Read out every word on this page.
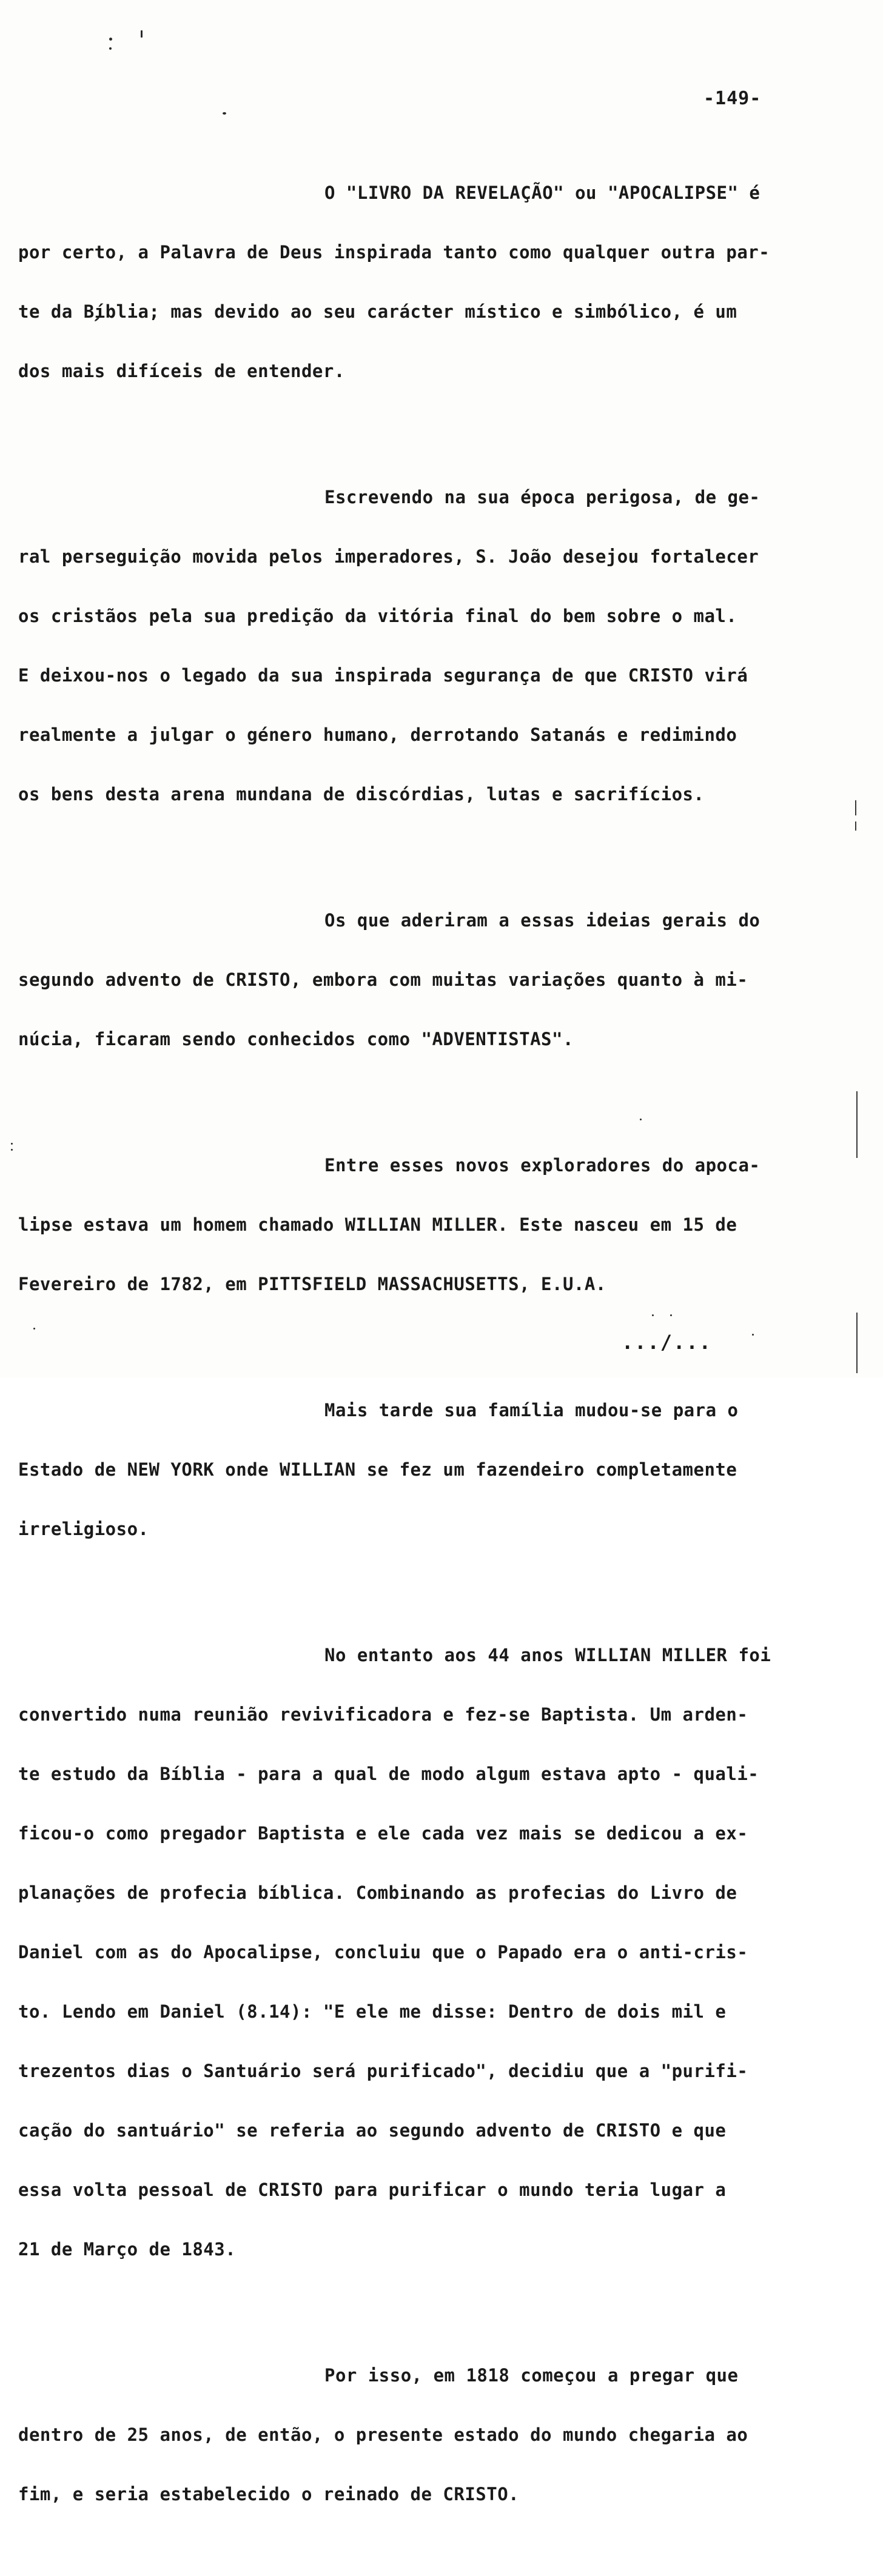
-149-

O "LIVRO DA REVELAÇÃO" ou "APOCALIPSE" é

por certo, a Palavra de Deus inspirada tanto como qualquer outra par-

te da Bíblia; mas devido ao seu carácter místico e simbólico, é um

dos mais difíceis de entender.

Escrevendo na sua época perigosa, de ge-

ral perseguição movida pelos imperadores, S. João desejou fortalecer

os cristãos pela sua predição da vitória final do bem sobre o mal.

E deixou-nos o legado da sua inspirada segurança de que CRISTO virá

realmente a julgar o género humano, derrotando Satanás e redimindo

os bens desta arena mundana de discórdias, lutas e sacrifícios.

Os que aderiram a essas ideias gerais do

segundo advento de CRISTO, embora com muitas variações quanto à mi-

núcia, ficaram sendo conhecidos como "ADVENTISTAS".

Entre esses novos exploradores do apoca-

lipse estava um homem chamado WILLIAN MILLER. Este nasceu em 15 de

Fevereiro de 1782, em PITTSFIELD MASSACHUSETTS, E.U.A.

Mais tarde sua família mudou-se para o

Estado de NEW YORK onde WILLIAN se fez um fazendeiro completamente

irreligioso.

No entanto aos 44 anos WILLIAN MILLER foi

convertido numa reunião revivificadora e fez-se Baptista. Um arden-

te estudo da Bíblia - para a qual de modo algum estava apto - quali-

ficou-o como pregador Baptista e ele cada vez mais se dedicou a ex-

planações de profecia bíblica. Combinando as profecias do Livro de

Daniel com as do Apocalipse, concluiu que o Papado era o anti-cris-

to. Lendo em Daniel (8.14): "E ele me disse: Dentro de dois mil e

trezentos dias o Santuário será purificado", decidiu que a "purifi-

cação do santuário" se referia ao segundo advento de CRISTO e que

essa volta pessoal de CRISTO para purificar o mundo teria lugar a

21 de Março de 1843.

Por isso, em 1818 começou a pregar que

dentro de 25 anos, de então, o presente estado do mundo chegaria ao

fim, e seria estabelecido o reinado de CRISTO.

.../...
